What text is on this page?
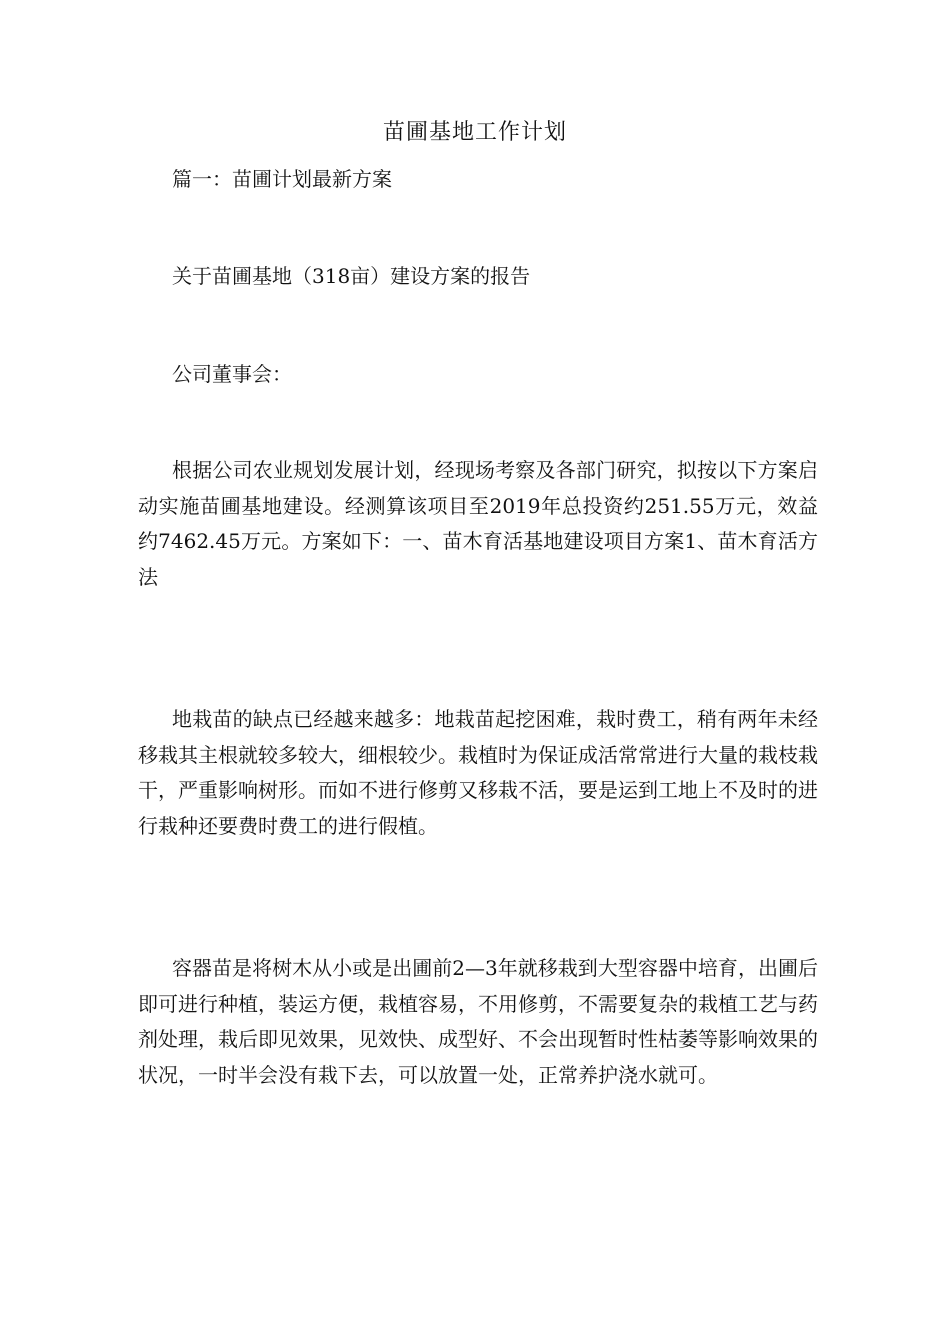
苗圃基地工作计划
篇一：苗圃计划最新方案
关于苗圃基地（318亩）建设方案的报告
公司董事会：

根据公司农业规划发展计划，经现场考察及各部门研究，拟按以下方案启动实施苗圃基地建设。经测算该项目至2019年总投资约251.55万元，效益约7462.45万元。方案如下：一、苗木育活基地建设项目方案1、苗木育活方法

地栽苗的缺点已经越来越多：地栽苗起挖困难，栽时费工，稍有两年未经移栽其主根就较多较大，细根较少。栽植时为保证成活常常进行大量的栽枝栽干，严重影响树形。而如不进行修剪又移栽不活，要是运到工地上不及时的进行栽种还要费时费工的进行假植。

容器苗是将树木从小或是出圃前2—3年就移栽到大型容器中培育，出圃后即可进行种植，装运方便，栽植容易，不用修剪，不需要复杂的栽植工艺与药剂处理，栽后即见效果，见效快、成型好、不会出现暂时性枯萎等影响效果的状况，一时半会没有栽下去，可以放置一处，正常养护浇水就可。
